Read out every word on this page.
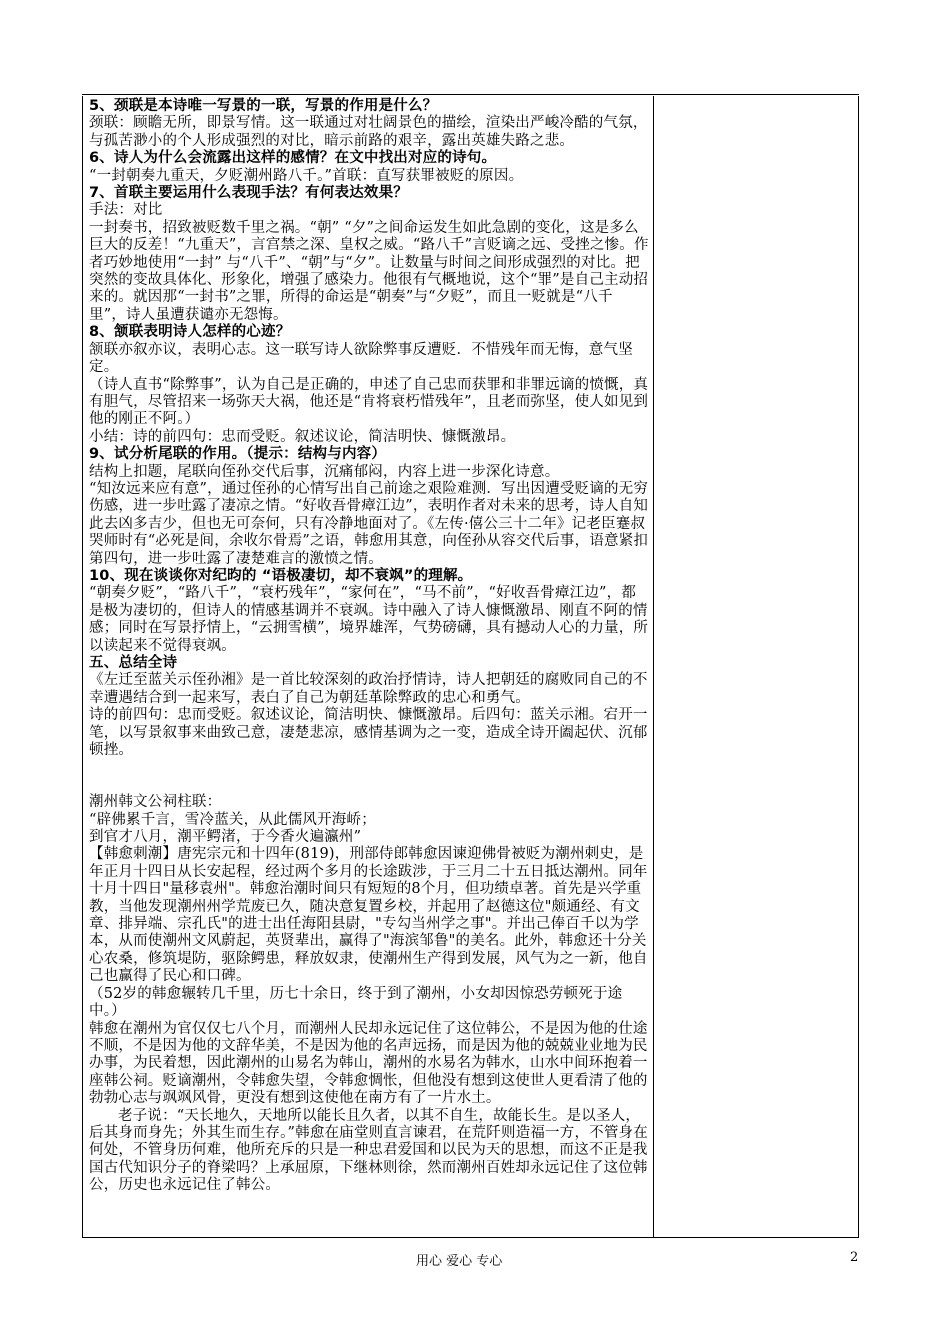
5、颈联是本诗唯一写景的一联，写景的作用是什么？

颈联：顾瞻无所，即景写情。这一联通过对壮阔景色的描绘，渲染出严峻冷酷的气氛，与孤苦渺小的个人形成强烈的对比，暗示前路的艰辛，露出英雄失路之悲。

6、诗人为什么会流露出这样的感情？在文中找出对应的诗句。

“一封朝奏九重天，夕贬潮州路八千。”首联：直写获罪被贬的原因。

7、首联主要运用什么表现手法？有何表达效果？

手法：对比

一封奏书，招致被贬数千里之祸。“朝” “夕”之间命运发生如此急剧的变化，这是多么巨大的反差！“九重天”，言宫禁之深、皇权之威。“路八千”言贬谪之远、受挫之惨。作者巧妙地使用“一封” 与“八千”、“朝”与“夕”。让数量与时间之间形成强烈的对比。把突然的变故具体化、形象化，增强了感染力。他很有气概地说，这个“罪”是自己主动招来的。就因那“一封书”之罪，所得的命运是“朝奏”与“夕贬”，而且一贬就是“八千里”，诗人虽遭获谴亦无怨悔。

8、颔联表明诗人怎样的心迹？

颔联亦叙亦议，表明心志。这一联写诗人欲除弊事反遭贬．不惜残年而无悔，意气坚定。

（诗人直书“除弊事”，认为自己是正确的，申述了自己忠而获罪和非罪远谪的愤慨，真有胆气，尽管招来一场弥天大祸，他还是“肯将衰朽惜残年”，且老而弥坚，使人如见到他的刚正不阿。）

小结：诗的前四句：忠而受贬。叙述议论，简洁明快、慷慨激昂。

9、试分析尾联的作用。（提示：结构与内容）

结构上扣题，尾联向侄孙交代后事，沉痛郁闷，内容上进一步深化诗意。

“知汝远来应有意”，通过侄孙的心情写出自己前途之艰险难测．写出因遭受贬谪的无穷伤感，进一步吐露了凄凉之情。“好收吾骨瘴江边”，表明作者对未来的思考，诗人自知此去凶多吉少，但也无可奈何，只有冷静地面对了。《左传·僖公三十二年》记老臣蹇叔哭师时有“必死是间，余收尔骨焉”之语，韩愈用其意，向侄孙从容交代后事，语意紧扣第四句，进一步吐露了凄楚难言的激愤之情。

10、现在谈谈你对纪昀的 “语极凄切，却不衰飒”的理解。

“朝奏夕贬”，“路八千”，“衰朽残年”，“家何在”，“马不前”，“好收吾骨瘴江边”，都是极为凄切的，但诗人的情感基调并不衰飒。诗中融入了诗人慷慨激昂、刚直不阿的情感；同时在写景抒情上，“云拥雪横”，境界雄浑，气势磅礴，具有撼动人心的力量，所以读起来不觉得衰飒。

五、总结全诗

《左迁至蓝关示侄孙湘》是一首比较深刻的政治抒情诗，诗人把朝廷的腐败同自己的不幸遭遇结合到一起来写，表白了自己为朝廷革除弊政的忠心和勇气。

诗的前四句：忠而受贬。叙述议论，简洁明快、慷慨激昂。后四句：蓝关示湘。宕开一笔，以写景叙事来曲致己意，凄楚悲凉，感情基调为之一变，造成全诗开阖起伏、沉郁顿挫。

潮州韩文公祠柱联：

“辟佛累千言，雪冷蓝关，从此儒风开海峤；

到官才八月，潮平鳄渚，于今香火遍瀛州”

【韩愈刺潮】唐宪宗元和十四年(819)，刑部侍郎韩愈因谏迎佛骨被贬为潮州刺史，是年正月十四日从长安起程，经过两个多月的长途跋涉，于三月二十五日抵达潮州。同年十月十四日"量移袁州"。韩愈治潮时间只有短短的8个月，但功绩卓著。首先是兴学重教，当他发现潮州州学荒废已久，随决意复置乡校，并起用了赵德这位"颇通经、有文章、排异端、宗孔氏"的进士出任海阳县尉，"专勾当州学之事"。并出己俸百千以为学本，从而使潮州文风蔚起，英贤辈出，赢得了"海滨邹鲁"的美名。此外，韩愈还十分关心农桑，修筑堤防，驱除鳄患，释放奴隶，使潮州生产得到发展，风气为之一新，他自己也赢得了民心和口碑。

（52岁的韩愈辗转几千里，历七十余日，终于到了潮州，小女却因惊恐劳顿死于途中。）

韩愈在潮州为官仅仅七八个月，而潮州人民却永远记住了这位韩公，不是因为他的仕途不顺，不是因为他的文辞华美，不是因为他的名声远扬，而是因为他的兢兢业业地为民办事，为民着想，因此潮州的山易名为韩山，潮州的水易名为韩水，山水中间环抱着一座韩公祠。贬谪潮州，令韩愈失望，令韩愈惆怅，但他没有想到这使世人更看清了他的勃勃心志与飒飒风骨，更没有想到这使他在南方有了一片水土。

老子说：“天长地久，天地所以能长且久者，以其不自生，故能长生。是以圣人，后其身而身先；外其生而生存。”韩愈在庙堂则直言谏君，在荒阡则造福一方，不管身在何处，不管身历何难，他所充斥的只是一种忠君爱国和以民为天的思想，而这不正是我国古代知识分子的脊梁吗？上承屈原，下继林则徐，然而潮州百姓却永远记住了这位韩公，历史也永远记住了韩公。

用心 爱心 专心	2
